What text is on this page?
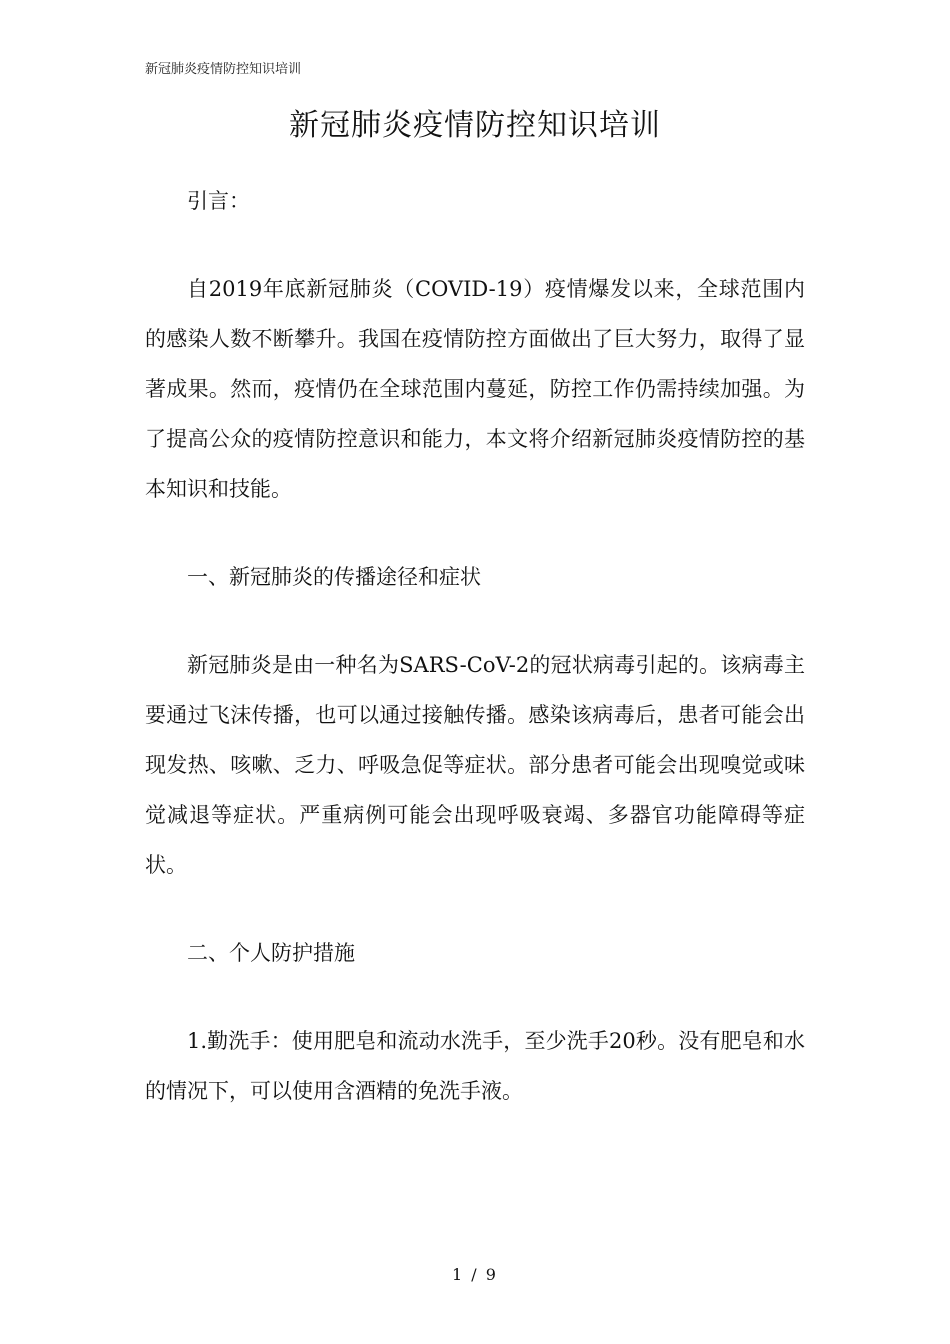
新冠肺炎疫情防控知识培训
新冠肺炎疫情防控知识培训

引言：

自2019年底新冠肺炎（COVID-19）疫情爆发以来，全球范围内的感染人数不断攀升。我国在疫情防控方面做出了巨大努力，取得了显著成果。然而，疫情仍在全球范围内蔓延，防控工作仍需持续加强。为了提高公众的疫情防控意识和能力，本文将介绍新冠肺炎疫情防控的基本知识和技能。

一、新冠肺炎的传播途径和症状

新冠肺炎是由一种名为SARS-CoV-2的冠状病毒引起的。该病毒主要通过飞沫传播，也可以通过接触传播。感染该病毒后，患者可能会出现发热、咳嗽、乏力、呼吸急促等症状。部分患者可能会出现嗅觉或味觉减退等症状。严重病例可能会出现呼吸衰竭、多器官功能障碍等症状。

二、个人防护措施

1.勤洗手：使用肥皂和流动水洗手，至少洗手20秒。没有肥皂和水的情况下，可以使用含酒精的免洗手液。

1 / 9
